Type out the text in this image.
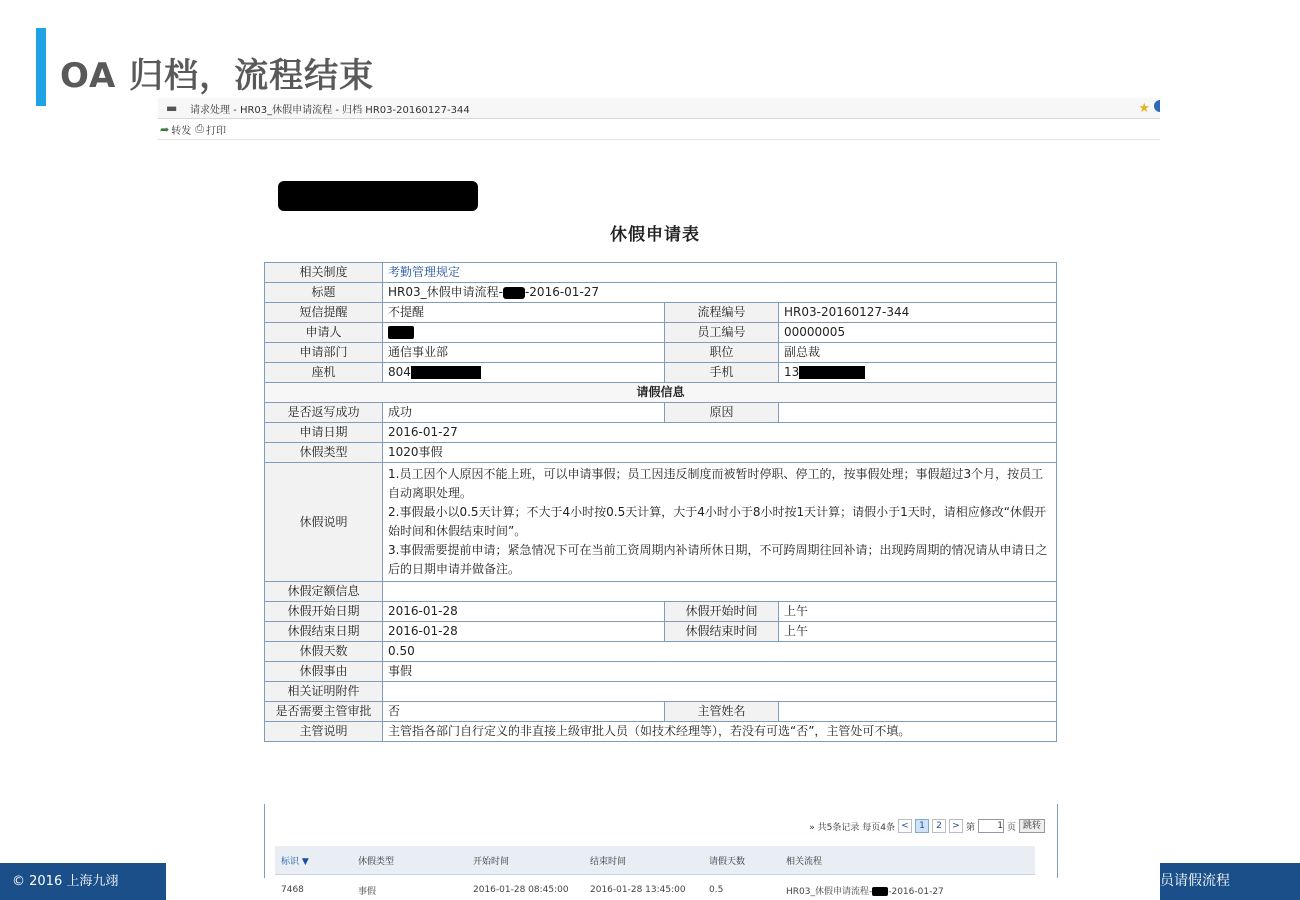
OA 归档，流程结束
▬ 请求处理 - HR03_休假申请流程 - 归档 HR03-20160127-344	★
➦ 转发 ⎙ 打印
休假申请表
相关制度	考勤管理规定		
标题	HR03_休假申请流程- -2016-01-27		
短信提醒	不提醒	流程编号	HR03-20160127-344
申请人		员工编号	00000005
申请部门	通信事业部	职位	副总裁
座机	804	手机	13
请假信息			
是否返写成功	成功	原因	
申请日期	2016-01-27		
休假类型	1020事假		
休假说明	1.员工因个人原因不能上班，可以申请事假；员工因违反制度而被暂时停职、停工的，按事假处理；事假超过3个月，按员工自动离职处理。
2.事假最小以0.5天计算；不大于4小时按0.5天计算，大于4小时小于8小时按1天计算；请假小于1天时，请相应修改“休假开始时间和休假结束时间”。
3.事假需要提前申请；紧急情况下可在当前工资周期内补请所休日期，不可跨周期往回补请；出现跨周期的情况请从申请日之后的日期申请并做备注。		

休假定额信息			
休假开始日期	2016-01-28	休假开始时间	上午
休假结束日期	2016-01-28	休假结束时间	上午
休假天数	0.50		
休假事由	事假		
相关证明附件			
是否需要主管审批	否	主管姓名	
主管说明	主管指各部门自行定义的非直接上级审批人员（如技术经理等），若没有可选“否”，主管处可不填。		
» 共5条记录 每页4条 <	1	2	> 第	1 页 跳转
标识 ▼	休假类型	开始时间	结束时间	请假天数	相关流程
7468	事假	2016-01-28 08:45:00	2016-01-28 13:45:00	0.5	HR03_休假申请流程- -2016-01-27
© 2016 上海九翊	员请假流程
